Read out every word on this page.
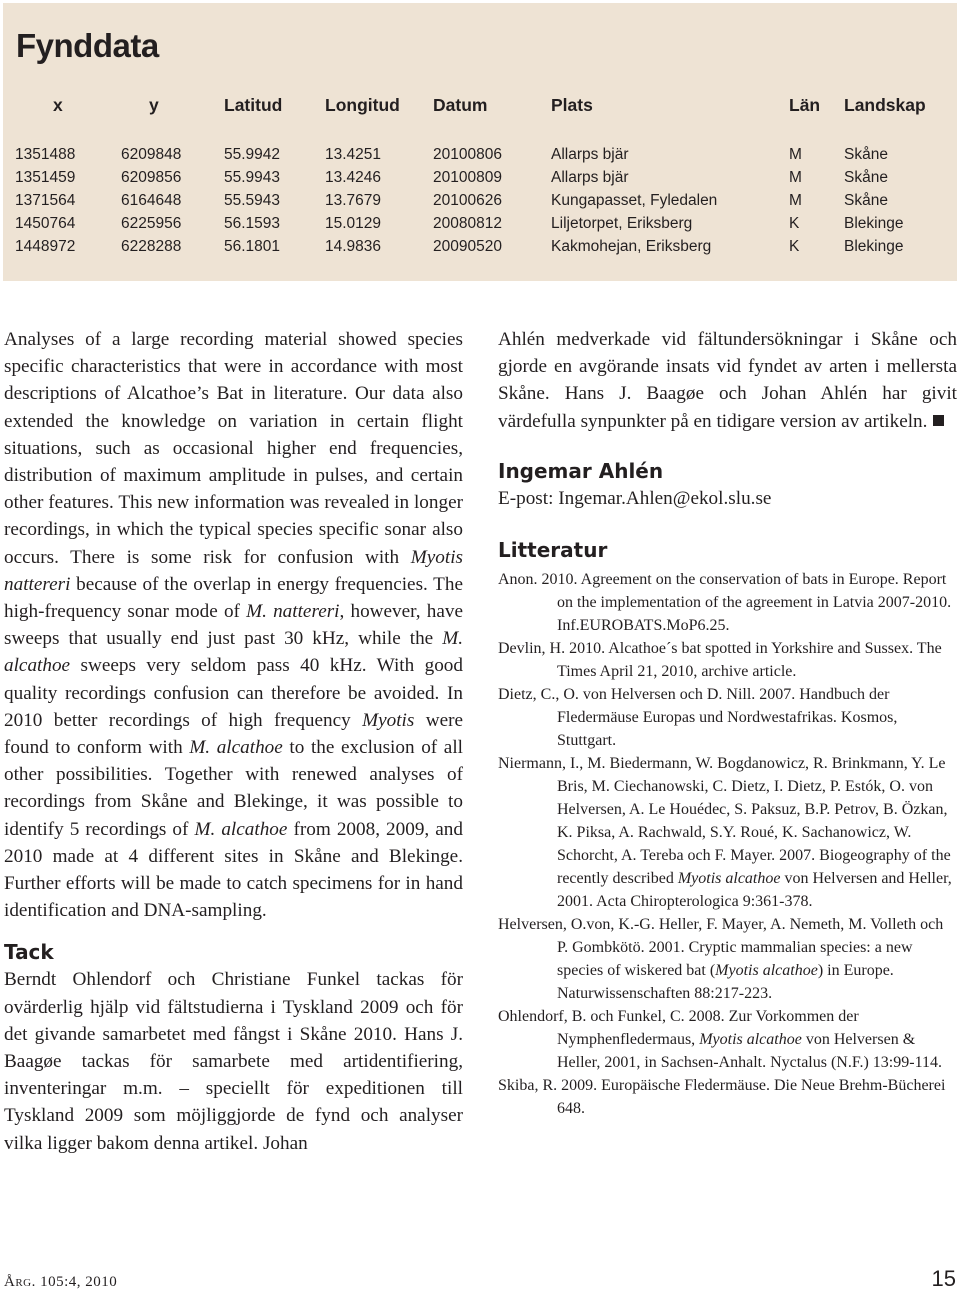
Fynddata
x	y	Latitud	Longitud	Datum	Plats	Län	Landskap
1351488	6209848	55.9942	13.4251	20100806	Allarps bjär	M	Skåne
1351459	6209856	55.9943	13.4246	20100809	Allarps bjär	M	Skåne
1371564	6164648	55.5943	13.7679	20100626	Kungapasset, Fyledalen	M	Skåne
1450764	6225956	56.1593	15.0129	20080812	Liljetorpet, Eriksberg	K	Blekinge
1448972	6228288	56.1801	14.9836	20090520	Kakmohejan, Eriksberg	K	Blekinge

Analyses of a large recording material showed species specific characteristics that were in accordance with most descriptions of Alcathoe’s Bat in literature. Our data also extended the knowledge on variation in certain flight situations, such as occasional higher end frequencies, distribution of maximum amplitude in pulses, and certain other features. This new information was revealed in longer recordings, in which the typical species specific sonar also occurs. There is some risk for confusion with Myotis nattereri because of the overlap in energy frequencies. The high-frequency sonar mode of M. nattereri, however, have sweeps that usually end just past 30 kHz, while the M. alcathoe sweeps very seldom pass 40 kHz. With good quality recordings confusion can therefore be avoided. In 2010 better recordings of high frequency Myotis were found to conform with M. alcathoe to the exclusion of all other possibilities. Together with renewed analyses of recordings from Skåne and Blekinge, it was possible to identify 5 recordings of M. alcathoe from 2008, 2009, and 2010 made at 4 different sites in Skåne and Blekinge. Further efforts will be made to catch specimens for in hand identification and DNA-sampling.

Tack

Berndt Ohlendorf och Christiane Funkel tackas för ovärderlig hjälp vid fältstudierna i Tyskland 2009 och för det givande samarbetet med fångst i Skåne 2010. Hans J. Baagøe tackas för samarbete med artidentifiering, inventeringar m.m. – speciellt för expeditionen till Tyskland 2009 som möjliggjorde de fynd och analyser vilka ligger bakom denna artikel. Johan

Ahlén medverkade vid fältundersökningar i Skåne och gjorde en avgörande insats vid fyndet av arten i mellersta Skåne. Hans J. Baagøe och Johan Ahlén har givit värdefulla synpunkter på en tidigare version av artikeln.

Ingemar Ahlén

E-post: Ingemar.Ahlen@ekol.slu.se

Litteratur
Anon. 2010. Agreement on the conservation of bats in Europe. Report on the implementation of the agreement in Latvia 2007-2010. Inf.EUROBATS.MoP6.25.
Devlin, H. 2010. Alcathoe´s bat spotted in Yorkshire and Sussex. The Times April 21, 2010, archive article.
Dietz, C., O. von Helversen och D. Nill. 2007. Handbuch der Fledermäuse Europas und Nordwestafrikas. Kosmos, Stuttgart.
Niermann, I., M. Biedermann, W. Bogdanowicz, R. Brinkmann, Y. Le Bris, M. Ciechanowski, C. Dietz, I. Dietz, P. Estók, O. von Helversen, A. Le Houédec, S. Paksuz, B.P. Petrov, B. Özkan, K. Piksa, A. Rachwald, S.Y. Roué, K. Sachanowicz, W. Schorcht, A. Tereba och F. Mayer. 2007. Biogeography of the recently described Myotis alcathoe von Helversen and Heller, 2001. Acta Chiropterologica 9:361-378.
Helversen, O.von, K.-G. Heller, F. Mayer, A. Nemeth, M. Volleth och P. Gombkötö. 2001. Cryptic mammalian species: a new species of wiskered bat (Myotis alcathoe) in Europe. Naturwissenschaften 88:217-223.
Ohlendorf, B. och Funkel, C. 2008. Zur Vorkommen der Nymphenfledermaus, Myotis alcathoe von Helversen & Heller, 2001, in Sachsen-Anhalt. Nyctalus (N.F.) 13:99-114.
Skiba, R. 2009. Europäische Fledermäuse. Die Neue Brehm-Bücherei 648.
Årg. 105:4, 2010	15
